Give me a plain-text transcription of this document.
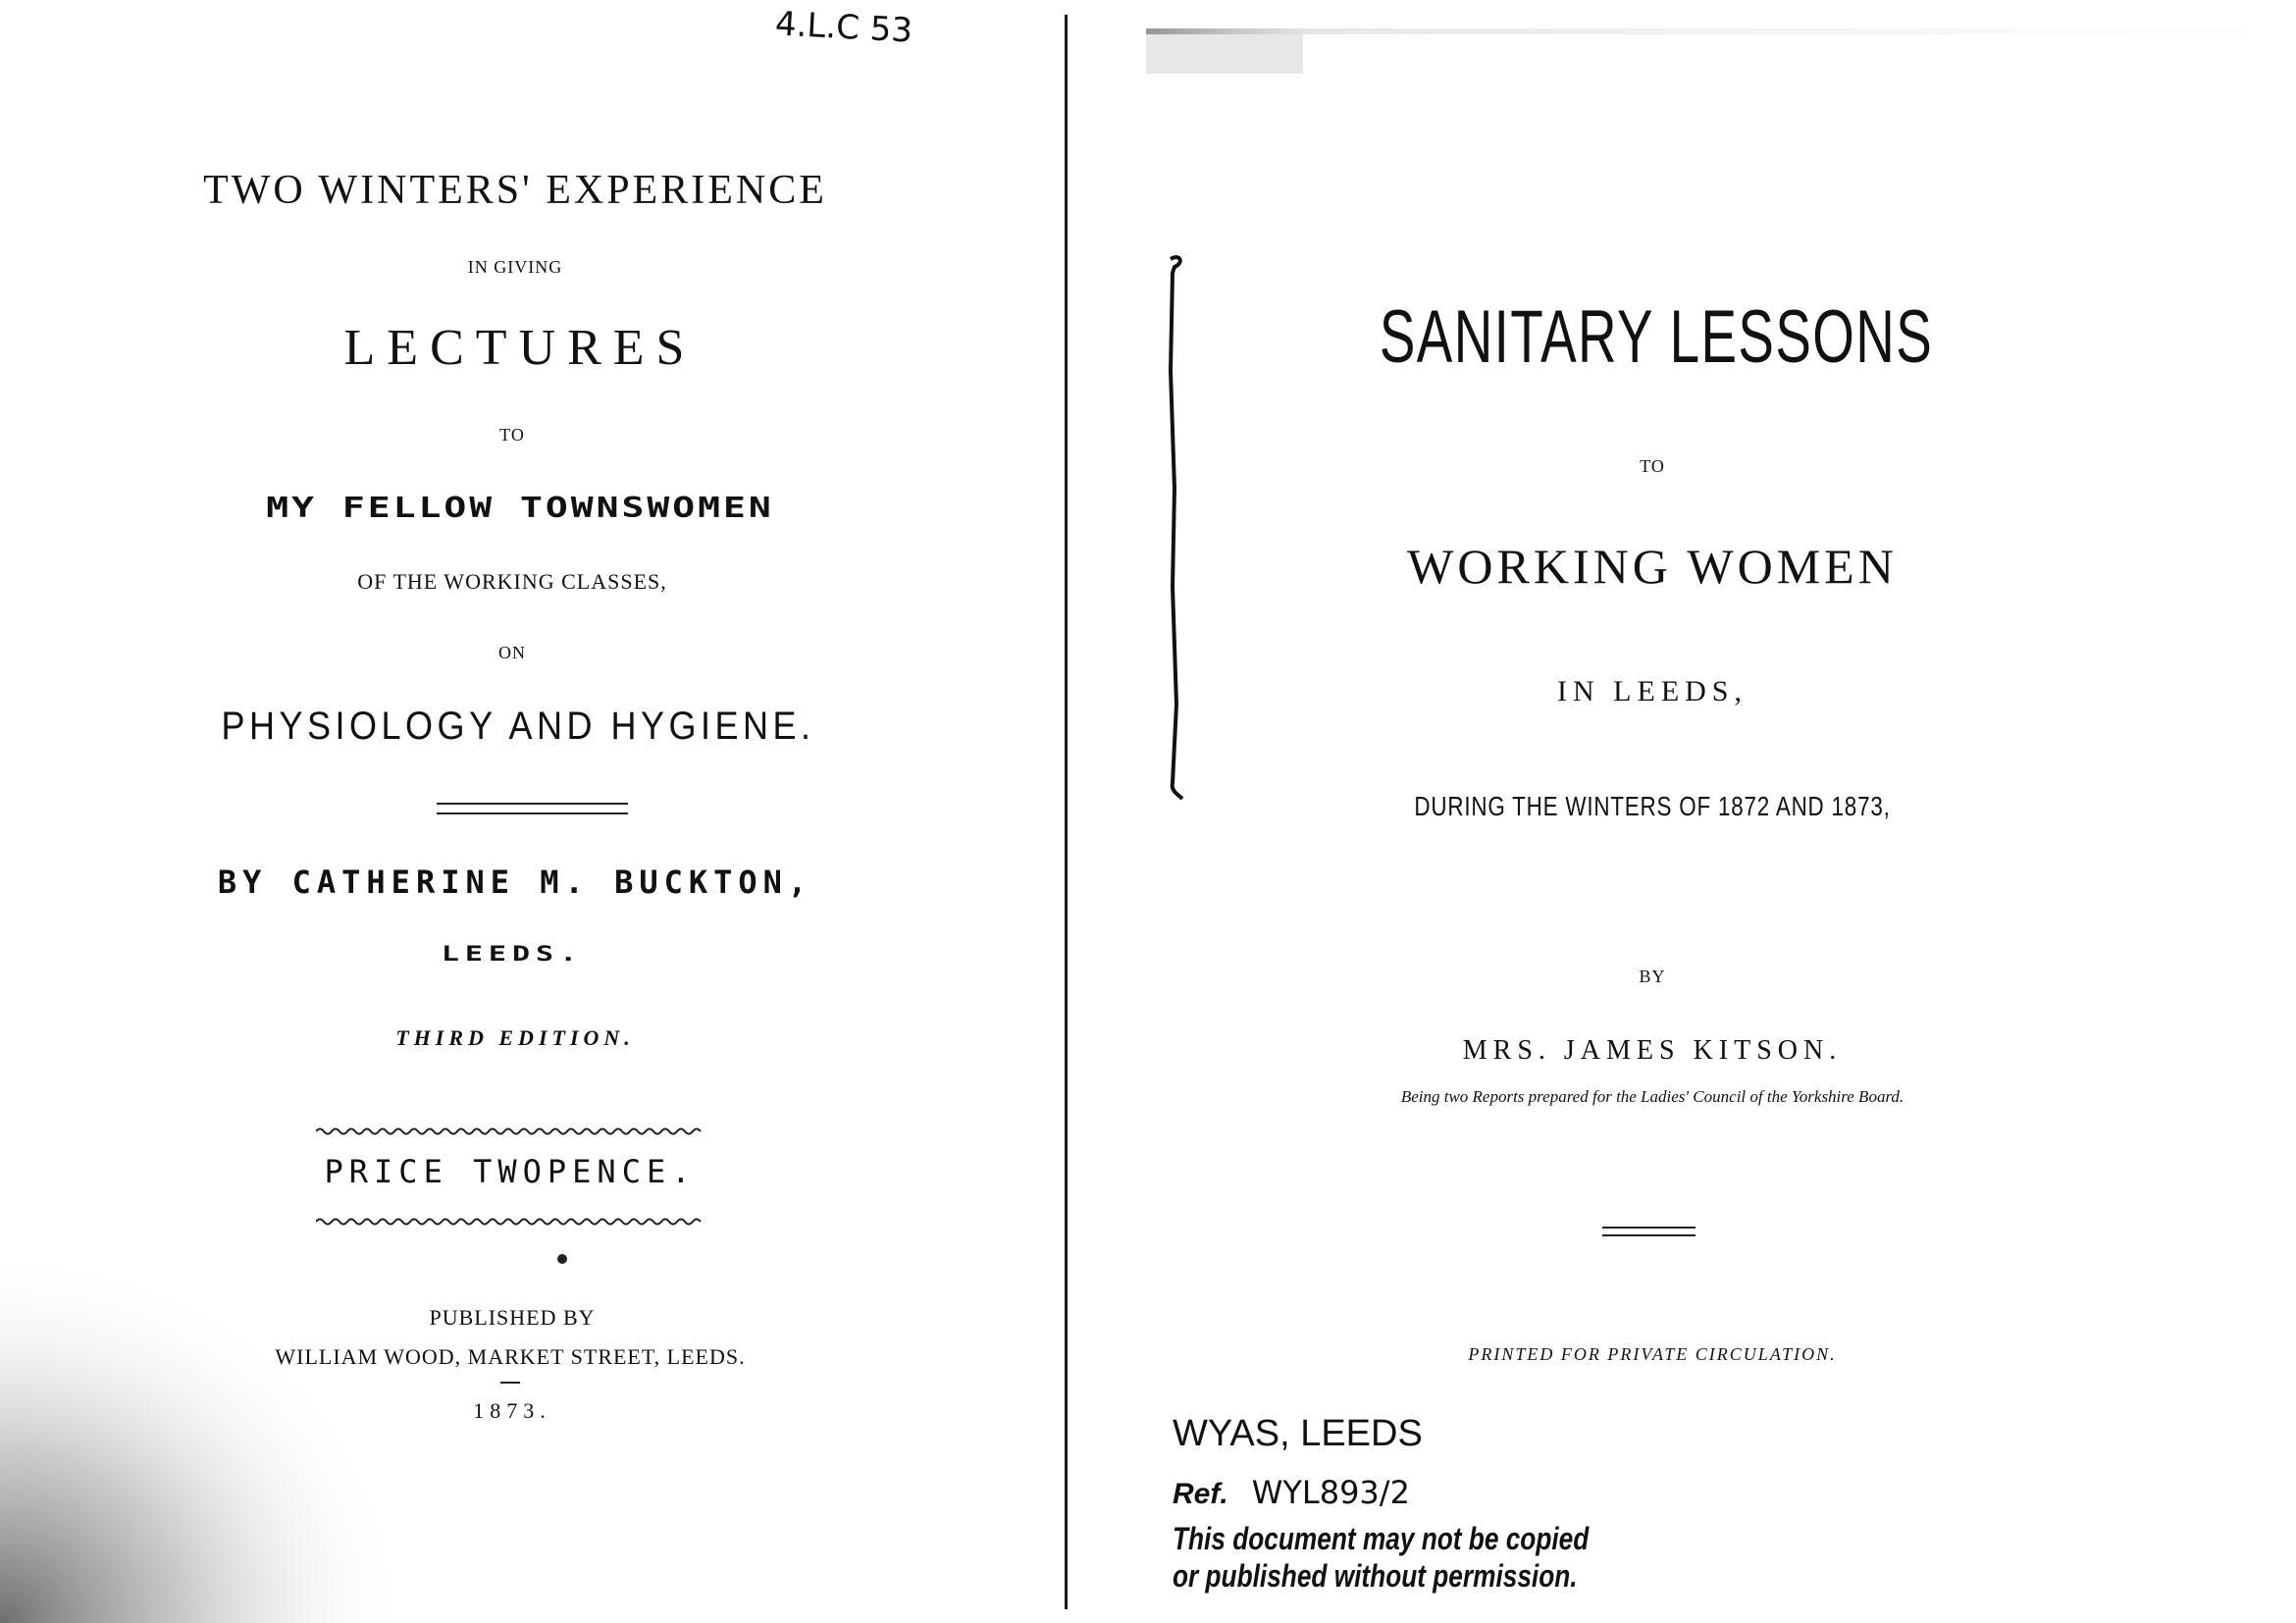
4.L.C 53
TWO WINTERS' EXPERIENCE
IN GIVING
LECTURES
TO
MY FELLOW TOWNSWOMEN
OF THE WORKING CLASSES,
ON
PHYSIOLOGY AND HYGIENE.
BY CATHERINE M. BUCKTON,
LEEDS.
THIRD EDITION.
PRICE TWOPENCE.
PUBLISHED BY
WILLIAM WOOD, MARKET STREET, LEEDS.
1873.
SANITARY LESSONS
TO
WORKING WOMEN
IN LEEDS,
DURING THE WINTERS OF 1872 AND 1873,
BY
MRS. JAMES KITSON.
Being two Reports prepared for the Ladies' Council of the Yorkshire Board.
PRINTED FOR PRIVATE CIRCULATION.
WYAS, LEEDS
Ref. WYL893/2
This document may not be copied
or published without permission.
